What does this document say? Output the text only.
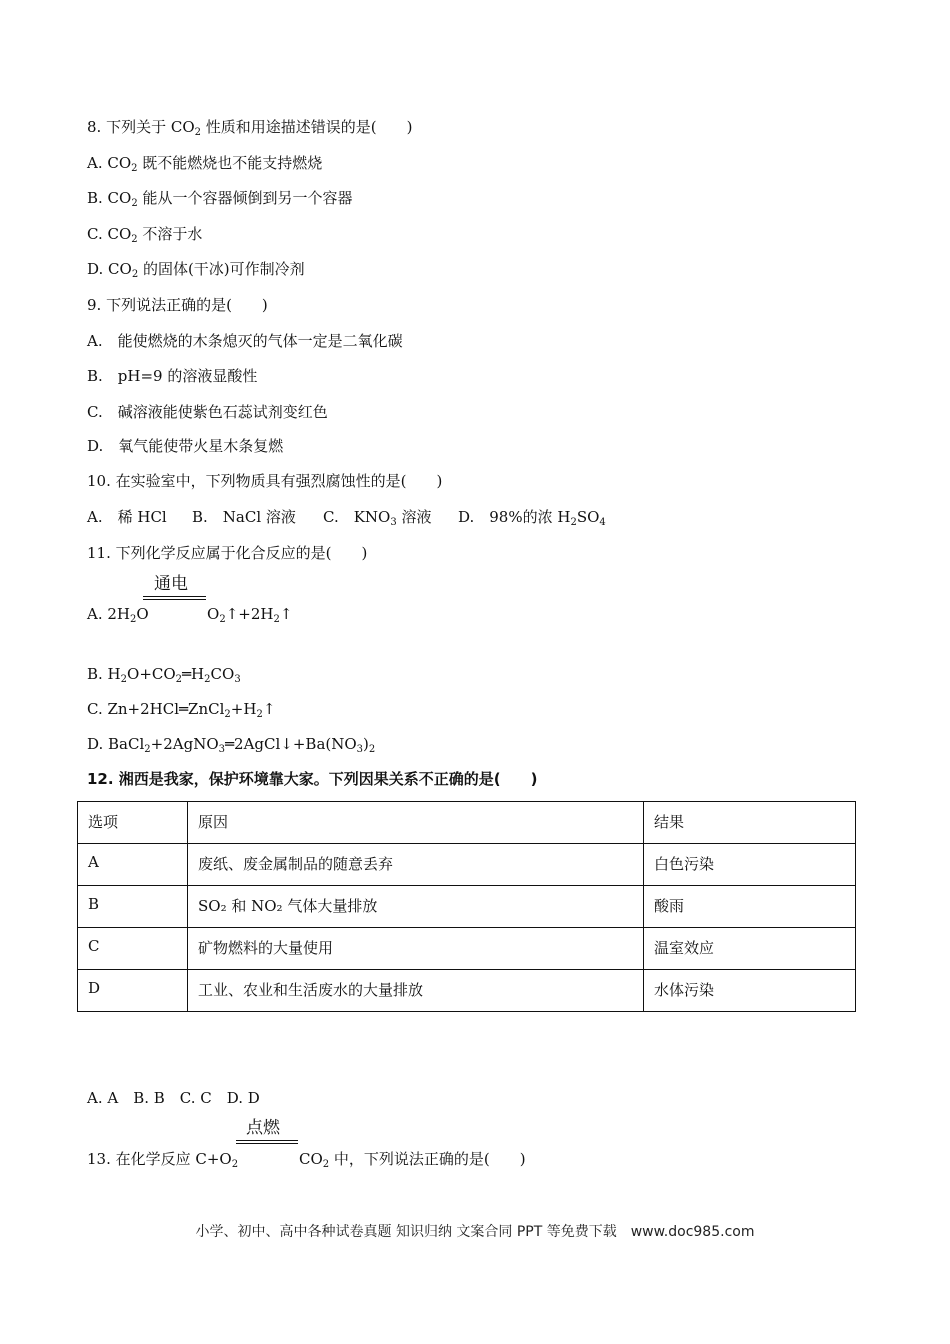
8. 下列关于 $CO_2$ 性质和用途描述错误的是(　　)
A. $CO_2$ 既不能燃烧也不能支持燃烧
B. $CO_2$ 能从一个容器倾倒到另一个容器
C. $CO_2$ 不溶于水
D. $CO_2$ 的固体(干冰)可作制冷剂
9. 下列说法正确的是(　　)
A.　能使燃烧的木条熄灭的气体一定是二氧化碳
B.　pH=9 的溶液显酸性
C.　碱溶液能使紫色石蕊试剂变红色
D.　氧气能使带火星木条复燃
10. 在实验室中，下列物质具有强烈腐蚀性的是(　　)
A.　稀 HCl B.　NaCl 溶液 C.　$KNO_3$ 溶液 D.　98%的浓 $H_2SO_4$
11. 下列化学反应属于化合反应的是(　　)
通电
A. $2H_2O$	$O_2↑+2H_2↑$
B. $H_2O+CO_2═H_2CO_3$
C. $Zn+2HCl═ZnCl_2+H_2↑$
D. $BaCl_2+2AgNO_3═2AgCl↓+Ba(NO_3)_2$
12. 湘西是我家，保护环境靠大家。下列因果关系不正确的是(　　)
选项	原因	结果
A	废纸、废金属制品的随意丢弃	白色污染
B	SO₂ 和 NO₂ 气体大量排放	酸雨
C	矿物燃料的大量使用	温室效应
D	工业、农业和生活废水的大量排放	水体污染
A. A　B. B　C. C　D. D
点燃
13. 在化学反应 $C+O_2$	$CO_2$ 中，下列说法正确的是(　　)
小学、初中、高中各种试卷真题 知识归纳 文案合同 PPT 等免费下载　www.doc985.com
